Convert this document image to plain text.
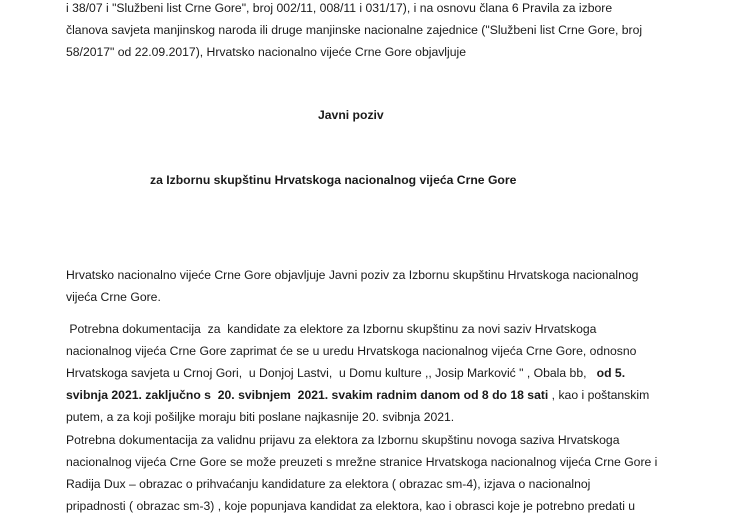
i 38/07 i "Službeni list Crne Gore", broj 002/11, 008/11 i 031/17), i na osnovu člana 6 Pravila za izbore
članova savjeta manjinskog naroda ili druge manjinske nacionalne zajednice ("Službeni list Crne Gore, broj
58/2017" od 22.09.2017), Hrvatsko nacionalno vijeće Crne Gore objavljuje

Javni poziv

za Izbornu skupštinu Hrvatskoga nacionalnog vijeća Crne Gore

Hrvatsko nacionalno vijeće Crne Gore objavljuje Javni poziv za Izbornu skupštinu Hrvatskoga nacionalnog
vijeća Crne Gore.
Potrebna dokumentacija  za  kandidate za elektore za Izbornu skupštinu za novi saziv Hrvatskoga
nacionalnog vijeća Crne Gore zaprimat će se u uredu Hrvatskoga nacionalnog vijeća Crne Gore, odnosno
Hrvatskoga savjeta u Crnoj Gori,  u Donjoj Lastvi,  u Domu kulture ,, Josip Marković " , Obala bb,   od 5.
svibnja 2021. zaključno s  20. svibnjem  2021. svakim radnim danom od 8 do 18 sati , kao i poštanskim
putem, a za koji pošiljke moraju biti poslane najkasnije 20. svibnja 2021.
Potrebna dokumentacija za validnu prijavu za elektora za Izbornu skupštinu novoga saziva Hrvatskoga
nacionalnog vijeća Crne Gore se može preuzeti s mrežne stranice Hrvatskoga nacionalnog vijeća Crne Gore i
Radija Dux – obrazac o prihvaćanju kandidature za elektora ( obrazac sm-4), izjava o nacionalnoj
pripadnosti ( obrazac sm-3) , koje popunjava kandidat za elektora, kao i obrasci koje je potrebno predati u
